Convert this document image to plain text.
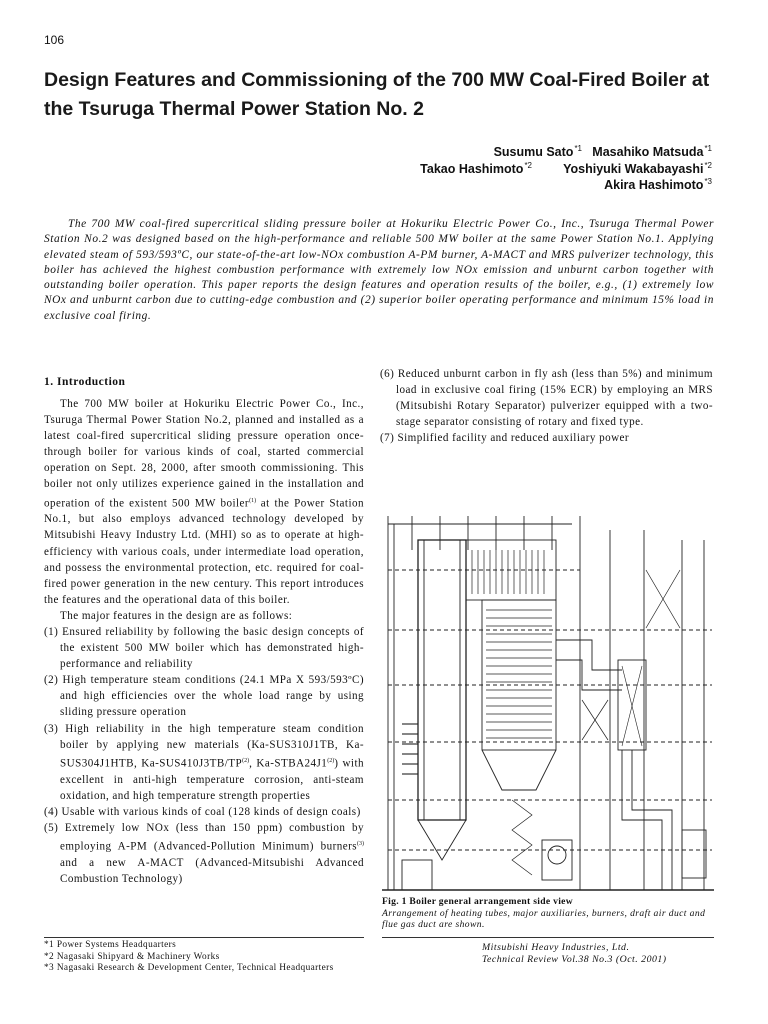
106
Design Features and Commissioning of the 700 MW Coal-Fired Boiler at the Tsuruga Thermal Power Station No. 2
Susumu Sato$^{*1}$ Masahiko Matsuda$^{*1}$
Takao Hashimoto$^{*2}$ Yoshiyuki Wakabayashi$^{*2}$
Akira Hashimoto$^{*3}$

The 700 MW coal-fired supercritical sliding pressure boiler at Hokuriku Electric Power Co., Inc., Tsuruga Thermal Power Station No.2 was designed based on the high-performance and reliable 500 MW boiler at the same Power Station No.1. Applying elevated steam of 593/593ºC, our state-of-the-art low-NOx combustion A-PM burner, A-MACT and MRS pulverizer technology, this boiler has achieved the highest combustion performance with extremely low NOx emission and unburnt carbon together with outstanding boiler operation. This paper reports the design features and operation results of the boiler, e.g., (1) extremely low NOx and unburnt carbon due to cutting-edge combustion and (2) superior boiler operating performance and minimum 15% load in exclusive coal firing.

1. Introduction

The 700 MW boiler at Hokuriku Electric Power Co., Inc., Tsuruga Thermal Power Station No.2, planned and installed as a latest coal-fired supercritical sliding pressure operation once-through boiler for various kinds of coal, started commercial operation on Sept. 28, 2000, after smooth commissioning. This boiler not only utilizes experience gained in the installation and operation of the existent 500 MW boiler$^{(1)}$ at the Power Station No.1, but also employs advanced technology developed by Mitsubishi Heavy Industry Ltd. (MHI) so as to operate at high-efficiency with various coals, under intermediate load operation, and possess the environmental protection, etc. required for coal-fired power generation in the new century. This report introduces the features and the operational data of this boiler.

The major features in the design are as follows:

(1) Ensured reliability by following the basic design concepts of the existent 500 MW boiler which has demonstrated high-performance and reliability

(2) High temperature steam conditions (24.1 MPa X 593/593ºC) and high efficiencies over the whole load range by using sliding pressure operation

(3) High reliability in the high temperature steam condition boiler by applying new materials (Ka-SUS310J1TB, Ka-SUS304J1HTB, Ka-SUS410J3TB/TP$^{(2)}$, Ka-STBA24J1$^{(2)}$) with excellent in anti-high temperature corrosion, anti-steam oxidation, and high temperature strength properties

(4) Usable with various kinds of coal (128 kinds of design coals)

(5) Extremely low NOx (less than 150 ppm) combustion by employing A-PM (Advanced-Pollution Minimum) burners$^{(3)}$ and a new A-MACT (Advanced-Mitsubishi Advanced Combustion Technology)

(6) Reduced unburnt carbon in fly ash (less than 5%) and minimum load in exclusive coal firing (15% ECR) by employing an MRS (Mitsubishi Rotary Separator) pulverizer equipped with a two-stage separator consisting of rotary and fixed type.

(7) Simplified facility and reduced auxiliary power

Fig. 1 Boiler general arrangement side view
Arrangement of heating tubes, major auxiliaries, burners, draft air duct and flue gas duct are shown.
*1 Power Systems Headquarters
*2 Nagasaki Shipyard & Machinery Works
*3 Nagasaki Research & Development Center, Technical Headquarters
Mitsubishi Heavy Industries, Ltd.
Technical Review Vol.38 No.3 (Oct. 2001)
